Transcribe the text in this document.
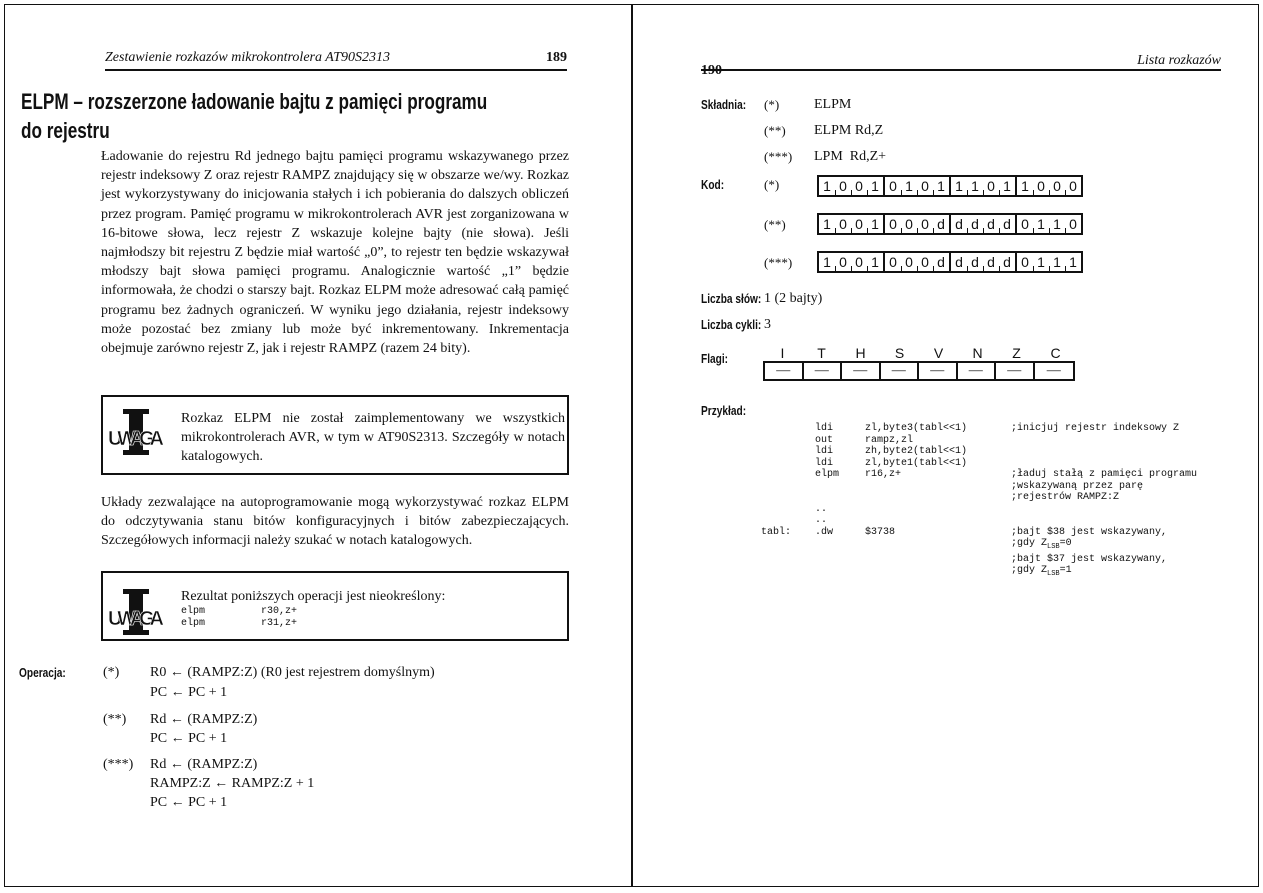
Zestawienie rozkazów mikrokontrolera AT90S2313	189
ELPM – rozszerzone ładowanie bajtu z pamięci programu
do rejestru

Ładowanie do rejestru Rd jednego bajtu pamięci programu wskazywanego przez rejestr indeksowy Z oraz rejestr RAMPZ znajdujący się w obszarze we/wy. Rozkaz jest wykorzystywany do inicjowania stałych i ich pobierania do dalszych obliczeń przez program. Pamięć programu w mikrokontrolerach AVR jest zorganizowana w 16-bitowe słowa, lecz rejestr Z wskazuje kolejne bajty (nie słowa). Jeśli najmłodszy bit rejestru Z będzie miał wartość „0”, to rejestr ten będzie wskazywał młodszy bajt słowa pamięci programu. Analogicznie wartość „1” będzie informowała, że chodzi o starszy bajt. Rozkaz ELPM może adresować całą pamięć programu bez żadnych ograniczeń. W wyniku jego działania, rejestr indeksowy może pozostać bez zmiany lub może być inkrementowany. Inkrementacja obejmuje zarówno rejestr Z, jak i rejestr RAMPZ (razem 24 bity).

UWAGA
Rozkaz ELPM nie został zaimplementowany we wszystkich mikrokontrolerach AVR, w tym w AT90S2313. Szczegóły w notach katalogowych.

Układy zezwalające na autoprogramowanie mogą wykorzystywać rozkaz ELPM do odczytywania stanu bitów konfiguracyjnych i bitów zabezpieczających. Szczegółowych informacji należy szukać w notach katalogowych.

UWAGA
Rezultat poniższych operacji jest nieokreślony:
elpm	r30,z+
elpm	r31,z+
Operacja:	(*) R0 ← (RAMPZ:Z) (R0 jest rejestrem domyślnym)
PC ← PC + 1
(**) Rd ← (RAMPZ:Z)
PC ← PC + 1
(***) Rd ← (RAMPZ:Z)
RAMPZ:Z ← RAMPZ:Z + 1
PC ← PC + 1
190
Lista rozkazów
Składnia:	(*) ELPM
(**) ELPM Rd,Z
(***) LPM  Rd,Z+
Kod:	(*)	1 0 0 1 0 1 0 1 1 1 0 1 1 0 0 0
(**)	1 0 0 1 0 0 0 d d d d d 0 1 1 0
(***) 1 0 0 1 0 0 0 d d d d d 0 1 1 1
Liczba słów: 1 (2 bajty)
Liczba cykli: 3
Flagi:	I	T	H	S	V	N	Z	C
—	—	—	—	—	—	—	—
Przykład:
ldi	zl,byte3(tabl<<1)	;inicjuj rejestr indeksowy Z
out	rampz,zl
ldi	zh,byte2(tabl<<1)
ldi	zl,byte1(tabl<<1)
elpm	r16,z+	;ładuj stałą z pamięci programu
;wskazywaną przez parę
;rejestrów RAMPZ:Z
..
..
tabl:	.dw	$3738	;bajt $38 jest wskazywany,
;gdy $Z_{LSB}=0$
;bajt $37 jest wskazywany,
;gdy $Z_{LSB}=1$
